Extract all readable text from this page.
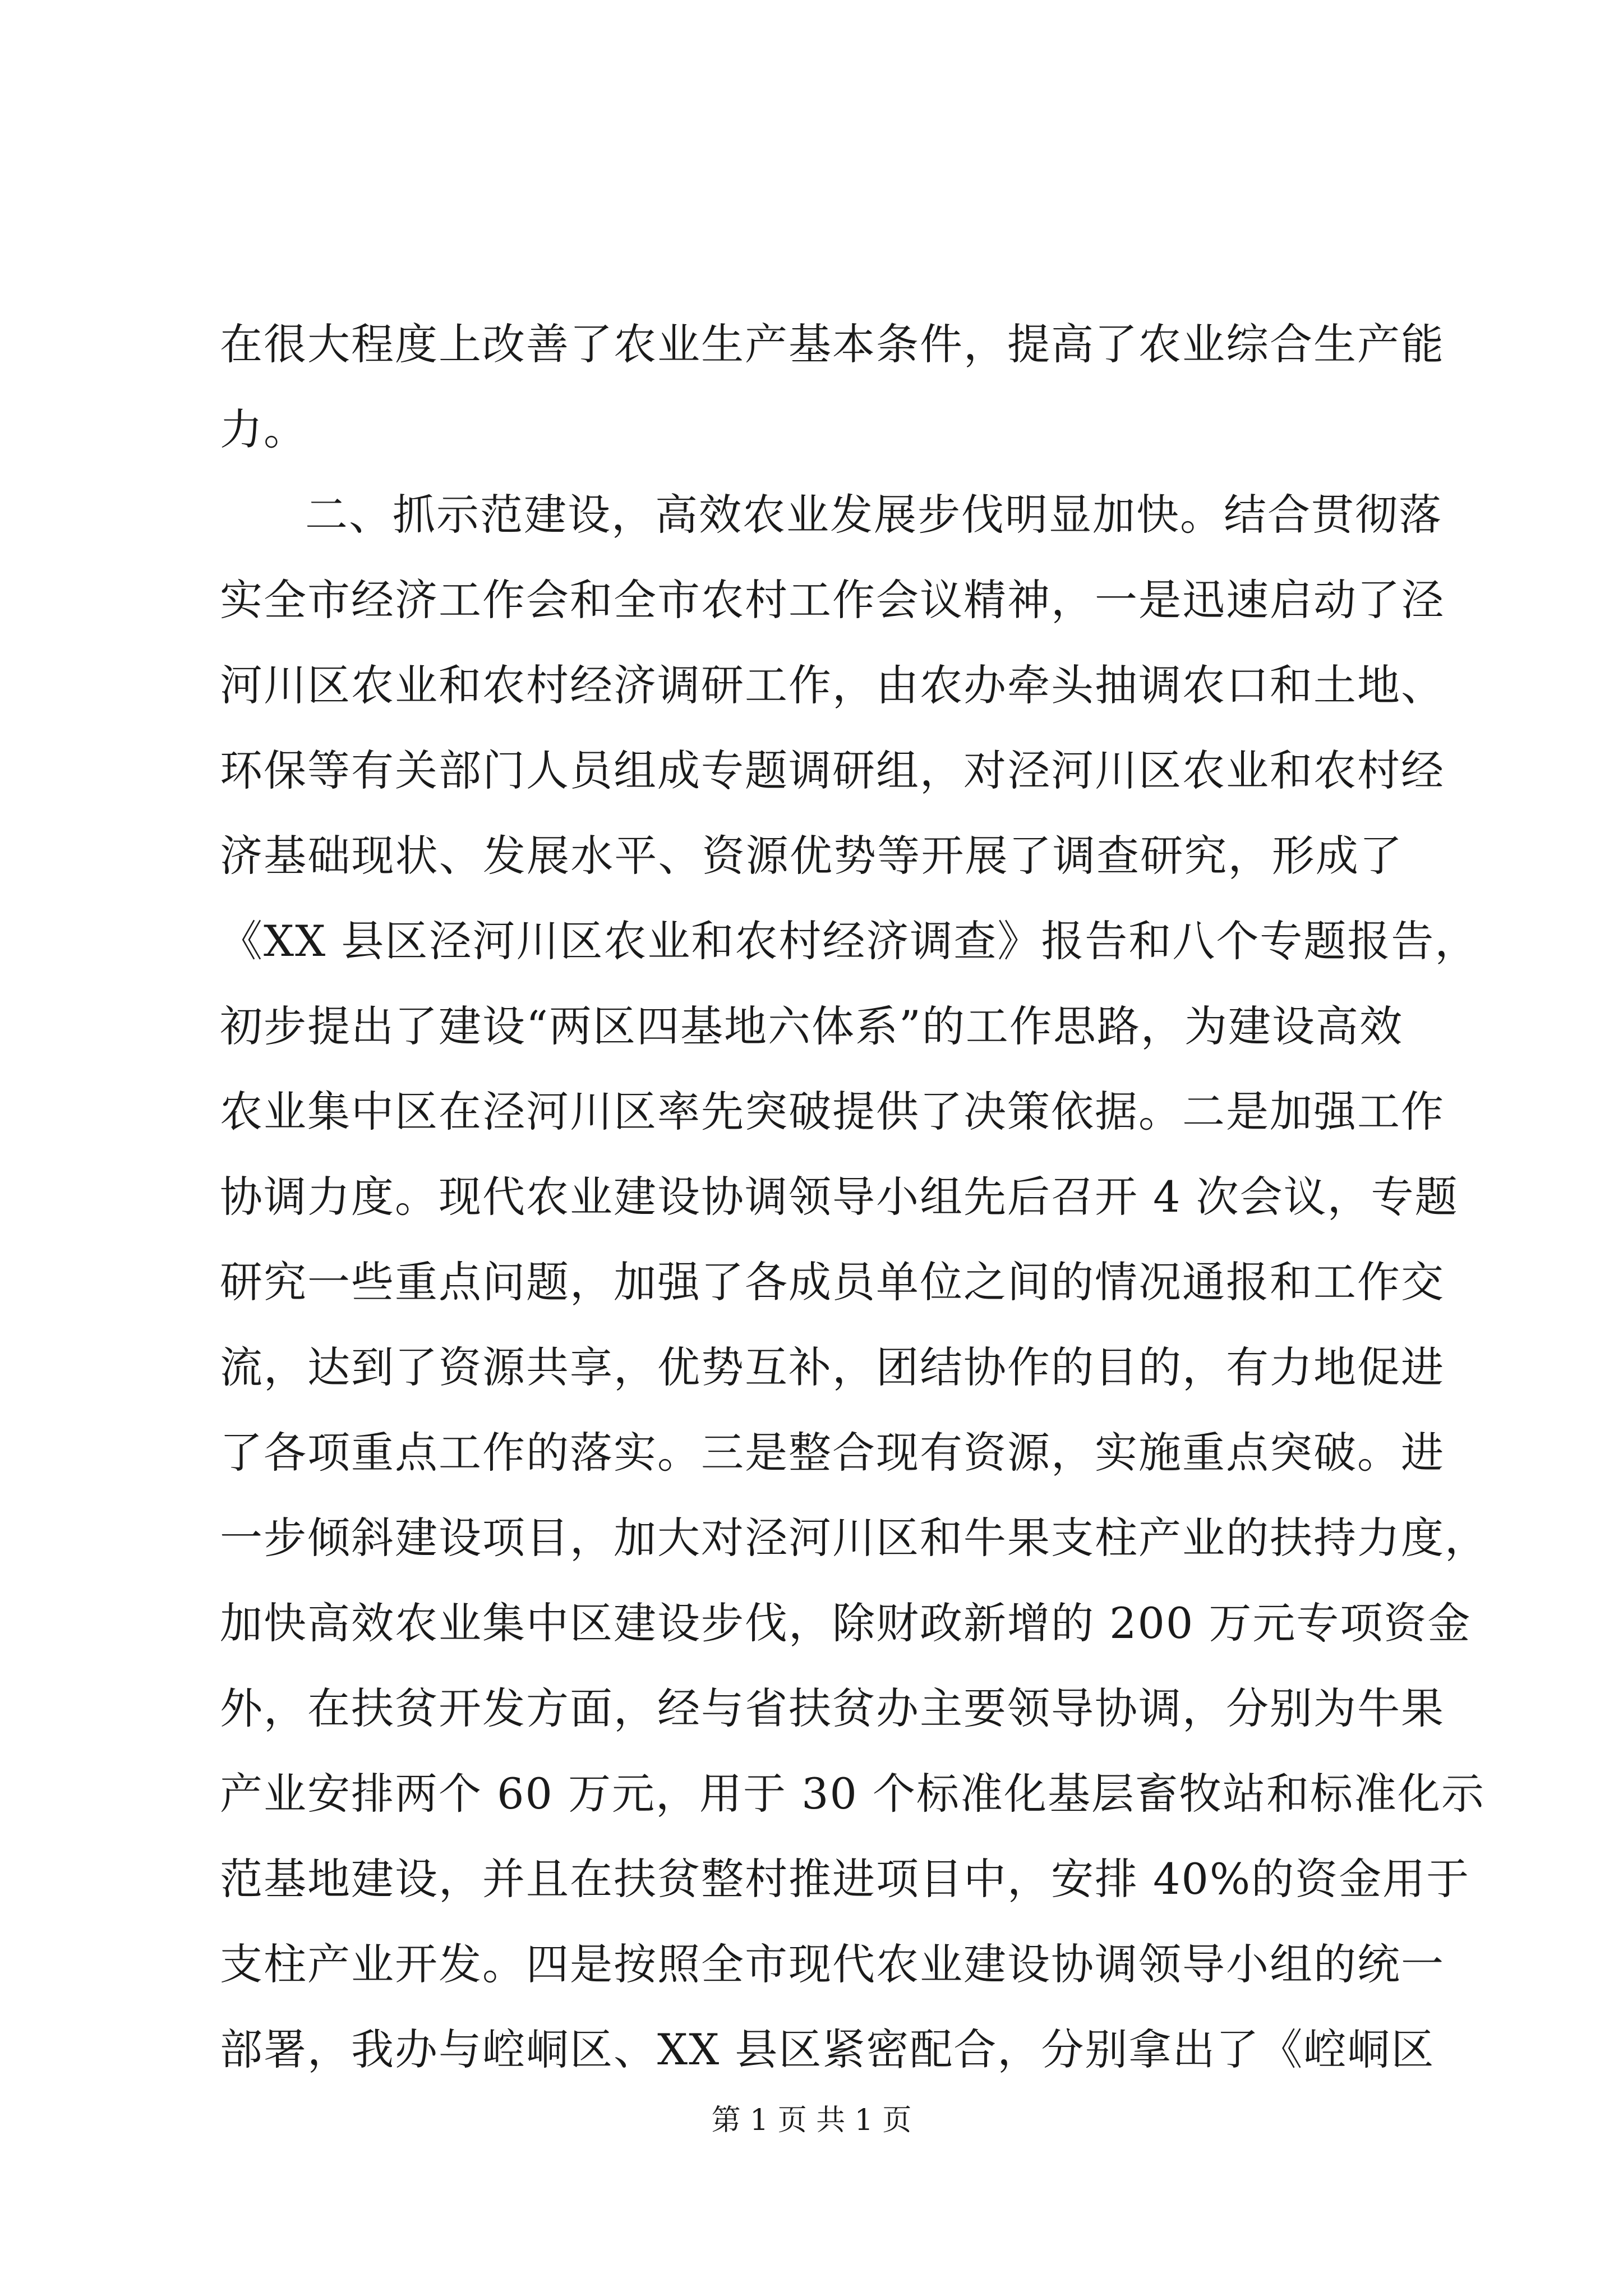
在很大程度上改善了农业生产基本条件，提高了农业综合生产能
力。
二、抓示范建设，高效农业发展步伐明显加快。结合贯彻落
实全市经济工作会和全市农村工作会议精神，一是迅速启动了泾
河川区农业和农村经济调研工作，由农办牵头抽调农口和土地、
环保等有关部门人员组成专题调研组，对泾河川区农业和农村经
济基础现状、发展水平、资源优势等开展了调查研究，形成了
《XX 县区泾河川区农业和农村经济调查》报告和八个专题报告，
初步提出了建设“两区四基地六体系”的工作思路，为建设高效
农业集中区在泾河川区率先突破提供了决策依据。二是加强工作
协调力度。现代农业建设协调领导小组先后召开 4 次会议，专题
研究一些重点问题，加强了各成员单位之间的情况通报和工作交
流，达到了资源共享，优势互补，团结协作的目的，有力地促进
了各项重点工作的落实。三是整合现有资源，实施重点突破。进
一步倾斜建设项目，加大对泾河川区和牛果支柱产业的扶持力度，
加快高效农业集中区建设步伐，除财政新增的 200 万元专项资金
外，在扶贫开发方面，经与省扶贫办主要领导协调，分别为牛果
产业安排两个 60 万元，用于 30 个标准化基层畜牧站和标准化示
范基地建设，并且在扶贫整村推进项目中，安排 40%的资金用于
支柱产业开发。四是按照全市现代农业建设协调领导小组的统一
部署，我办与崆峒区、XX 县区紧密配合，分别拿出了《崆峒区
第 1 页 共 1 页
